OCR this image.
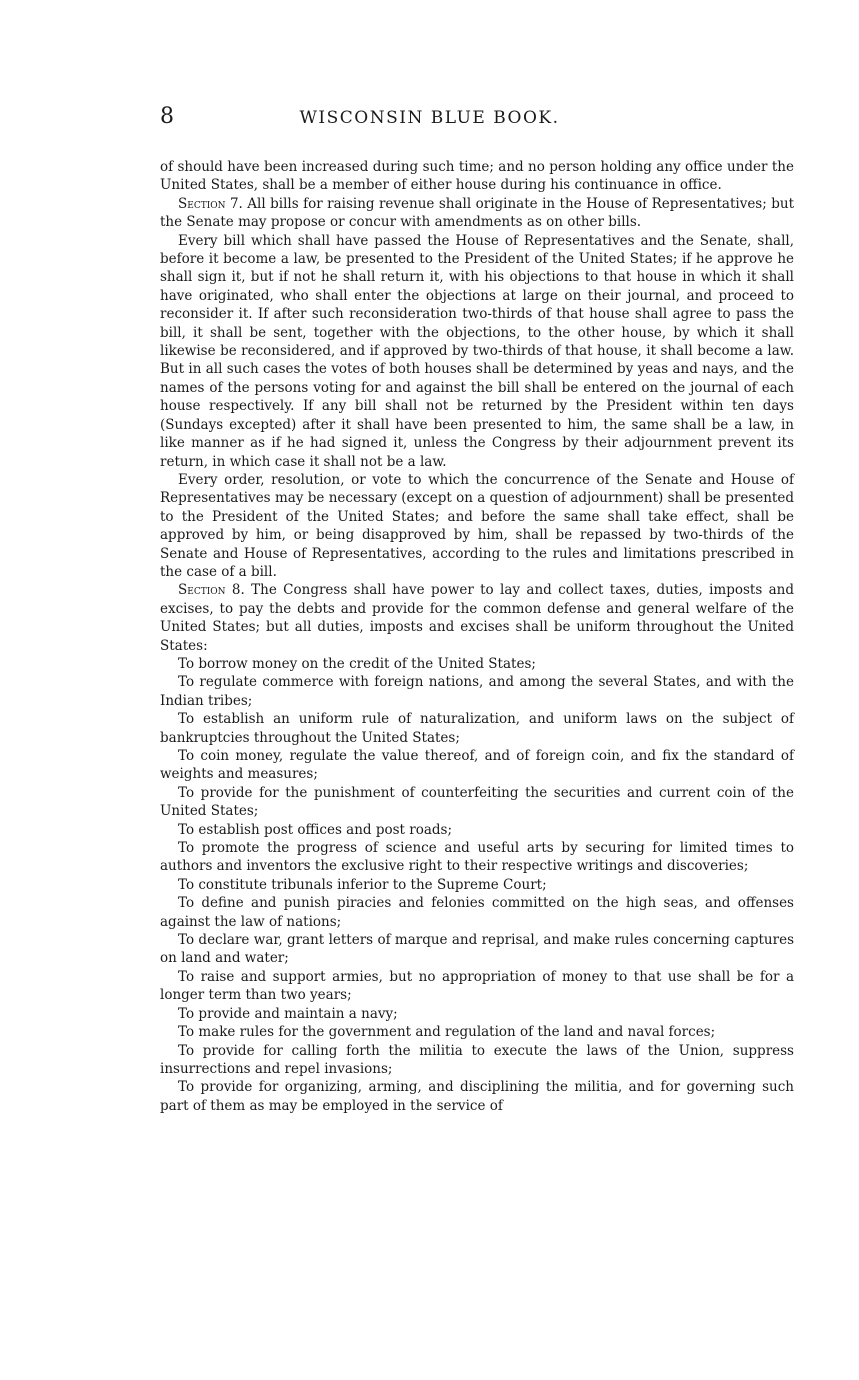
8	WISCONSIN BLUE BOOK.

of should have been increased during such time; and no person holding any office under the United States, shall be a member of either house during his continuance in office.

Section 7. All bills for raising revenue shall originate in the House of Representatives; but the Senate may propose or concur with amendments as on other bills.

Every bill which shall have passed the House of Representatives and the Senate, shall, before it become a law, be presented to the President of the United States; if he approve he shall sign it, but if not he shall return it, with his objections to that house in which it shall have originated, who shall enter the objections at large on their journal, and proceed to reconsider it. If after such reconsideration two-thirds of that house shall agree to pass the bill, it shall be sent, together with the objections, to the other house, by which it shall likewise be reconsidered, and if approved by two-thirds of that house, it shall become a law. But in all such cases the votes of both houses shall be determined by yeas and nays, and the names of the persons voting for and against the bill shall be entered on the journal of each house respectively. If any bill shall not be returned by the President within ten days (Sundays excepted) after it shall have been presented to him, the same shall be a law, in like manner as if he had signed it, unless the Congress by their adjournment prevent its return, in which case it shall not be a law.

Every order, resolution, or vote to which the concurrence of the Senate and House of Representatives may be necessary (except on a question of adjournment) shall be presented to the President of the United States; and before the same shall take effect, shall be approved by him, or being disapproved by him, shall be repassed by two-thirds of the Senate and House of Representatives, according to the rules and limitations prescribed in the case of a bill.

Section 8. The Congress shall have power to lay and collect taxes, duties, imposts and excises, to pay the debts and provide for the common defense and general welfare of the United States; but all duties, imposts and excises shall be uniform throughout the United States:

To borrow money on the credit of the United States;

To regulate commerce with foreign nations, and among the several States, and with the Indian tribes;

To establish an uniform rule of naturalization, and uniform laws on the subject of bankruptcies throughout the United States;

To coin money, regulate the value thereof, and of foreign coin, and fix the standard of weights and measures;

To provide for the punishment of counterfeiting the securities and current coin of the United States;

To establish post offices and post roads;

To promote the progress of science and useful arts by securing for limited times to authors and inventors the exclusive right to their respective writings and discoveries;

To constitute tribunals inferior to the Supreme Court;

To define and punish piracies and felonies committed on the high seas, and offenses against the law of nations;

To declare war, grant letters of marque and reprisal, and make rules concerning captures on land and water;

To raise and support armies, but no appropriation of money to that use shall be for a longer term than two years;

To provide and maintain a navy;

To make rules for the government and regulation of the land and naval forces;

To provide for calling forth the militia to execute the laws of the Union, suppress insurrections and repel invasions;

To provide for organizing, arming, and disciplining the militia, and for governing such part of them as may be employed in the service of
